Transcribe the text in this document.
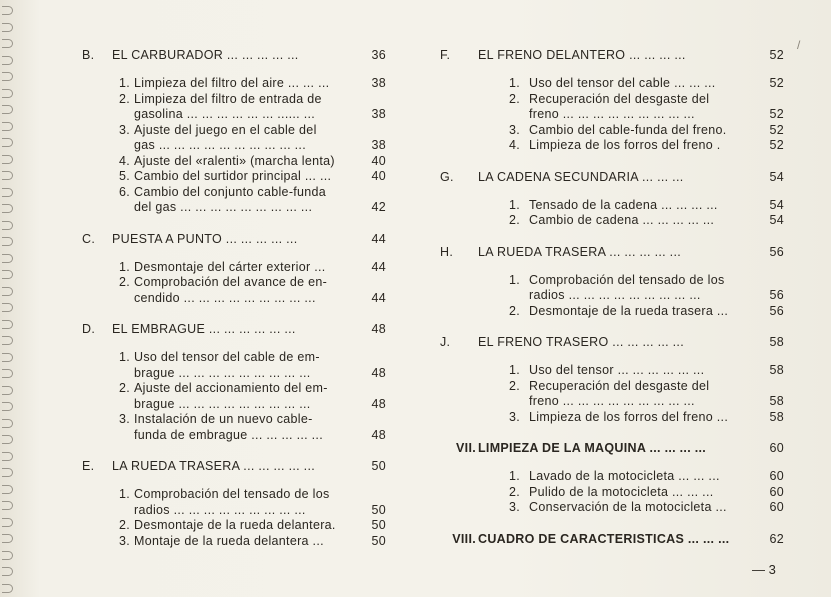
/
B.	EL CARBURADOR ... ... ... ... ...	36
1. Limpieza del filtro del aire ... ... ...	38
2. Limpieza del filtro de entrada de
gasolina ... ... ... ... ... ... ...... ...	38
3. Ajuste del juego en el cable del
gas ... ... ... ... ... ... ... ... ... ...	38
4. Ajuste del «ralenti» (marcha lenta)	40
5. Cambio del surtidor principal ... ...	40
6. Cambio del conjunto cable-funda
del gas ... ... ... ... ... ... ... ... ...	42
C.	PUESTA A PUNTO ... ... ... ... ...	44
1. Desmontaje del cárter exterior ...	44
2. Comprobación del avance de en-
cendido ... ... ... ... ... ... ... ... ...	44
D.	EL EMBRAGUE ... ... ... ... ... ...	48
1. Uso del tensor del cable de em-
brague ... ... ... ... ... ... ... ... ...	48
2. Ajuste del accionamiento del em-
brague ... ... ... ... ... ... ... ... ...	48
3. Instalación de un nuevo cable-
funda de embrague ... ... ... ... ...	48
E.	LA RUEDA TRASERA ... ... ... ... ...	50
1. Comprobación del tensado de los
radios ... ... ... ... ... ... ... ... ...	50
2. Desmontaje de la rueda delantera.	50
3. Montaje de la rueda delantera ...	50
F.	EL FRENO DELANTERO ... ... ... ...	52
1. Uso del tensor del cable ... ... ...	52
2. Recuperación del desgaste del
freno ... ... ... ... ... ... ... ... ...	52
3. Cambio del cable-funda del freno.	52
4. Limpieza de los forros del freno .	52
G.	LA CADENA SECUNDARIA ... ... ...	54
1. Tensado de la cadena ... ... ... ...	54
2. Cambio de cadena ... ... ... ... ...	54
H.	LA RUEDA TRASERA ... ... ... ... ...	56
1. Comprobación del tensado de los
radios ... ... ... ... ... ... ... ... ...	56
2. Desmontaje de la rueda trasera ...	56
J.	EL FRENO TRASERO ... ... ... ... ...	58
1. Uso del tensor ... ... ... ... ... ...	58
2. Recuperación del desgaste del
freno ... ... ... ... ... ... ... ... ...	58
3. Limpieza de los forros del freno ...	58
VII. LIMPIEZA DE LA MAQUINA ... ... ... ...	60
1. Lavado de la motocicleta ... ... ...	60
2. Pulido de la motocicleta ... ... ...	60
3. Conservación de la motocicleta ...	60
VIII. CUADRO DE CARACTERISTICAS ... ... ...	62
— 3
